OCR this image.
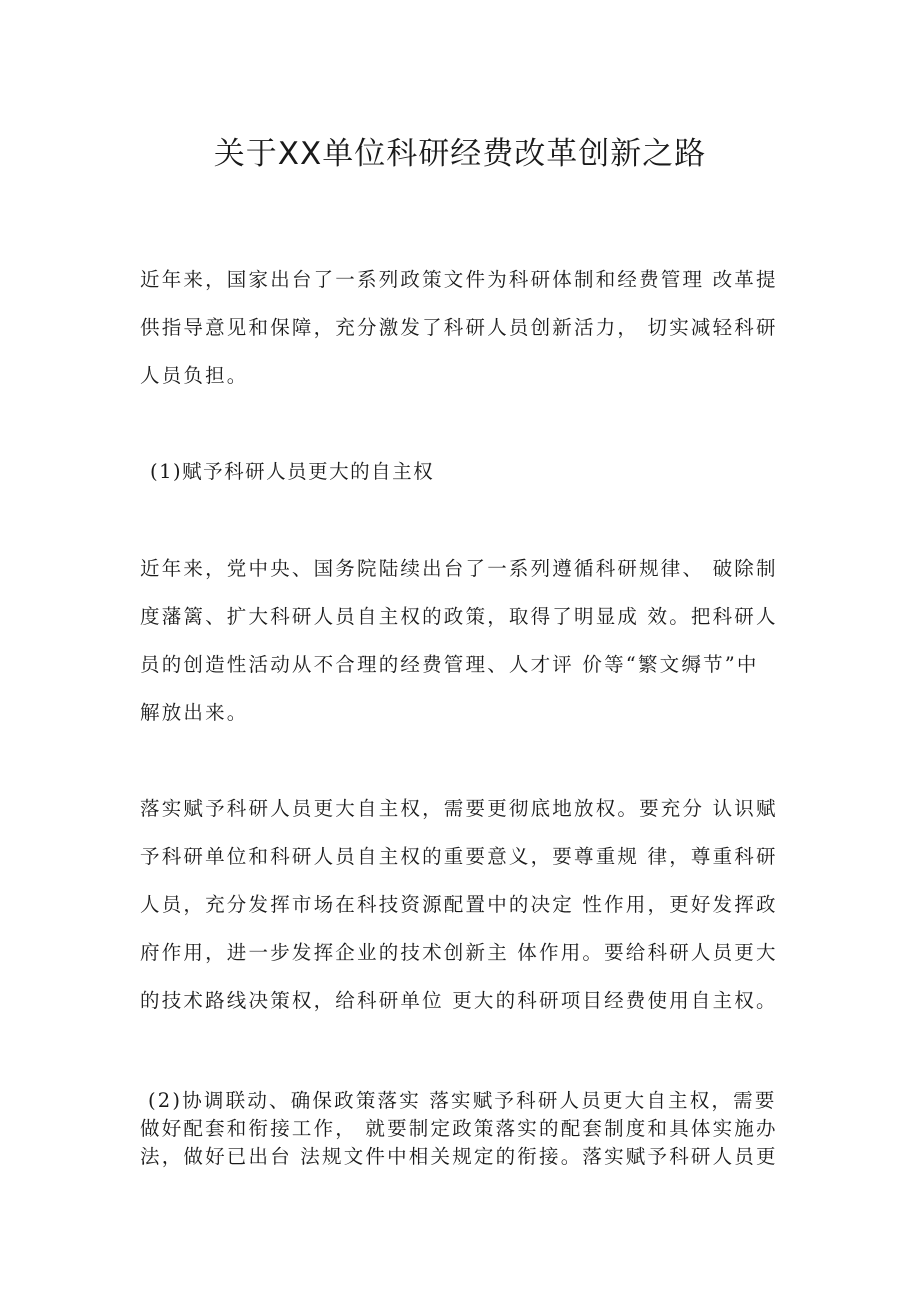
关于XX单位科研经费改革创新之路
近年来，国家出台了一系列政策文件为科研体制和经费管理 改革提
供指导意见和保障，充分激发了科研人员创新活力， 切实减轻科研
人员负担。
(1)赋予科研人员更大的自主权
近年来，党中央、国务院陆续出台了一系列遵循科研规律、 破除制
度藩篱、扩大科研人员自主权的政策，取得了明显成 效。把科研人
员的创造性活动从不合理的经费管理、人才评 价等“繁文缛节”中
解放出来。
落实赋予科研人员更大自主权，需要更彻底地放权。要充分 认识赋
予科研单位和科研人员自主权的重要意义，要尊重规 律，尊重科研
人员，充分发挥市场在科技资源配置中的决定 性作用，更好发挥政
府作用，进一步发挥企业的技术创新主 体作用。要给科研人员更大
的技术路线决策权，给科研单位 更大的科研项目经费使用自主权。
(2)协调联动、确保政策落实 落实赋予科研人员更大自主权，需要
做好配套和衔接工作， 就要制定政策落实的配套制度和具体实施办
法，做好已出台 法规文件中相关规定的衔接。落实赋予科研人员更
